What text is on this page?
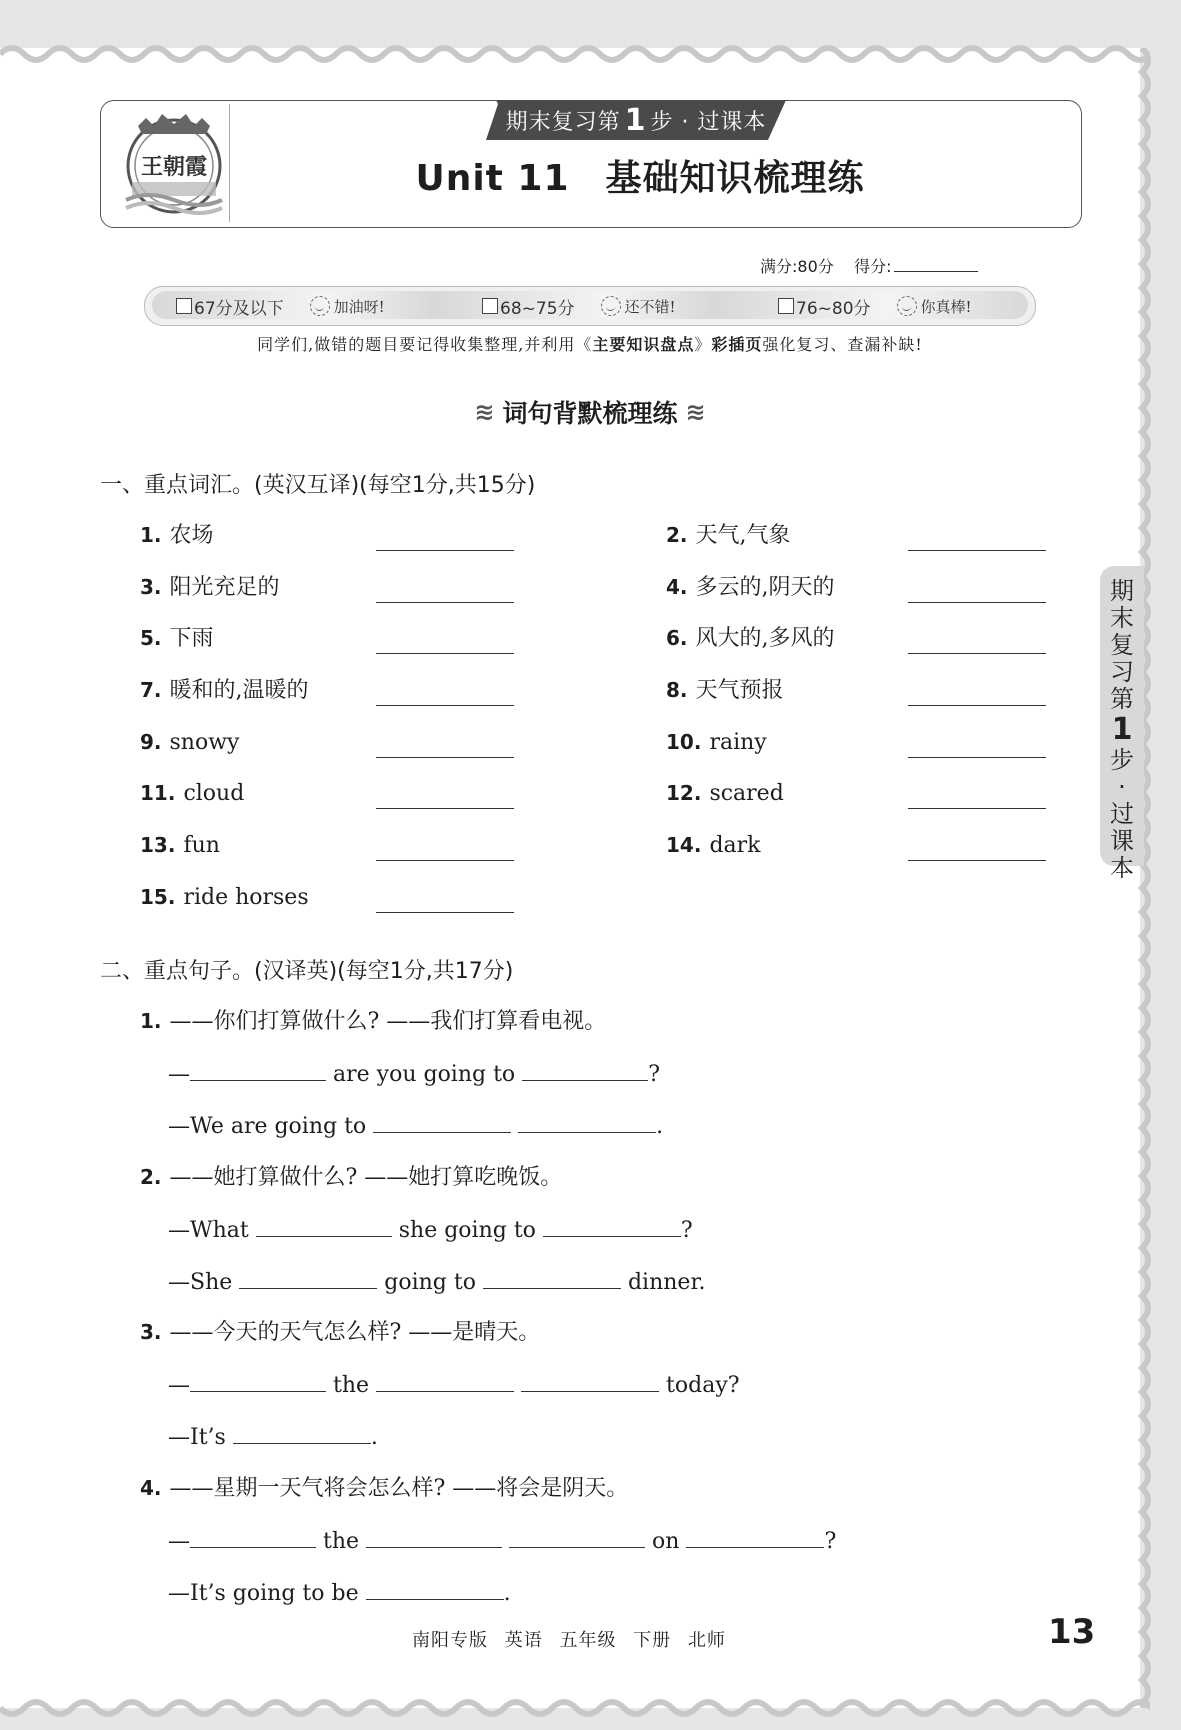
王朝霞
期末复习第 1 步 · 过课本
Unit 11 基础知识梳理练
满分:80分 得分:
67分及以下	加油呀!	68~75分	还不错!	76~80分	你真棒!
同学们,做错的题目要记得收集整理,并利用《主要知识盘点》彩插页强化复习、查漏补缺!
≋ 词句背默梳理练 ≋
一、重点词汇。(英汉互译)(每空1分,共15分)
1. 农场	2. 天气,气象
3. 阳光充足的	4. 多云的,阴天的
5. 下雨	6. 风大的,多风的
7. 暖和的,温暖的	8. 天气预报
9. snowy	10. rainy
11. cloud	12. scared
13. fun	14. dark
15. ride horses
二、重点句子。(汉译英)(每空1分,共17分)
1. ——你们打算做什么? ——我们打算看电视。
—	are you going to	?
—We are going to	.
2. ——她打算做什么? ——她打算吃晚饭。
—What	she going to	?
—She	going to	dinner.
3. ——今天的天气怎么样? ——是晴天。
—	the	today?
—It’s	.
4. ——星期一天气将会怎么样? ——将会是阴天。
—	the	on	?
—It’s going to be	.
期
末
复
习
第
1
步
·
过
课
本
南阳专版 英语 五年级 下册 北师	13
